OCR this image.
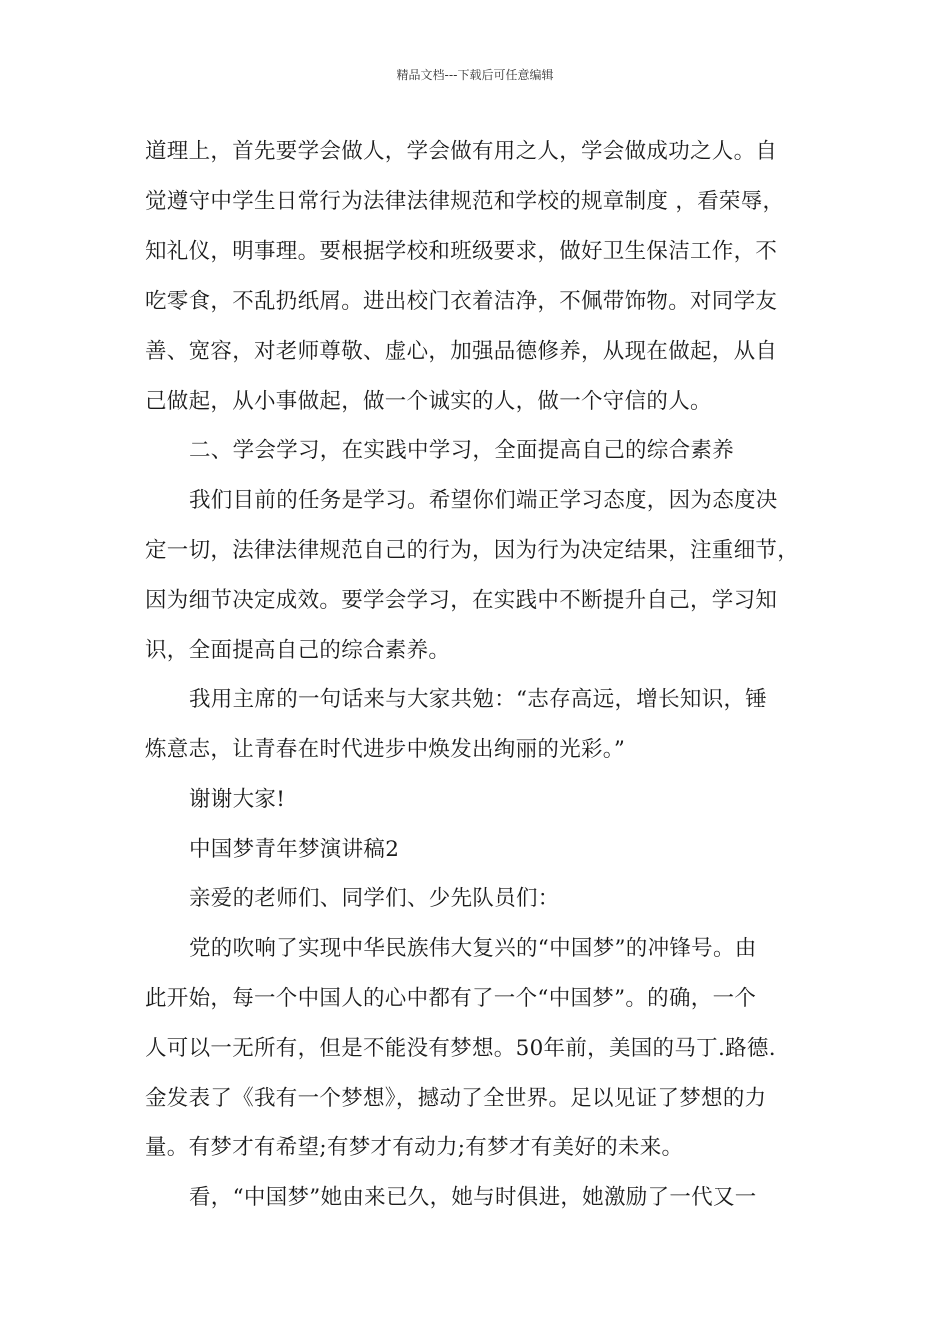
精品文档---下载后可任意编辑
道理上，首先要学会做人，学会做有用之人，学会做成功之人。自
觉遵守中学生日常行为法律法律规范和学校的规章制度 ，看荣辱，
知礼仪，明事理。要根据学校和班级要求，做好卫生保洁工作，不
吃零食，不乱扔纸屑。进出校门衣着洁净，不佩带饰物。对同学友
善、宽容，对老师尊敬、虚心，加强品德修养，从现在做起，从自
己做起，从小事做起，做一个诚实的人，做一个守信的人。
二、学会学习，在实践中学习，全面提高自己的综合素养
我们目前的任务是学习。希望你们端正学习态度，因为态度决
定一切，法律法律规范自己的行为，因为行为决定结果，注重细节，
因为细节决定成效。要学会学习，在实践中不断提升自己，学习知
识，全面提高自己的综合素养。
我用主席的一句话来与大家共勉：“志存高远，增长知识，锤
炼意志，让青春在时代进步中焕发出绚丽的光彩。”
谢谢大家!
中国梦青年梦演讲稿2
亲爱的老师们、同学们、少先队员们：
党的吹响了实现中华民族伟大复兴的“中国梦”的冲锋号。由
此开始，每一个中国人的心中都有了一个“中国梦”。的确，一个
人可以一无所有，但是不能没有梦想。50年前，美国的马丁.路德.
金发表了《我有一个梦想》，撼动了全世界。足以见证了梦想的力
量。有梦才有希望;有梦才有动力;有梦才有美好的未来。
看，“中国梦”她由来已久，她与时俱进，她激励了一代又一
